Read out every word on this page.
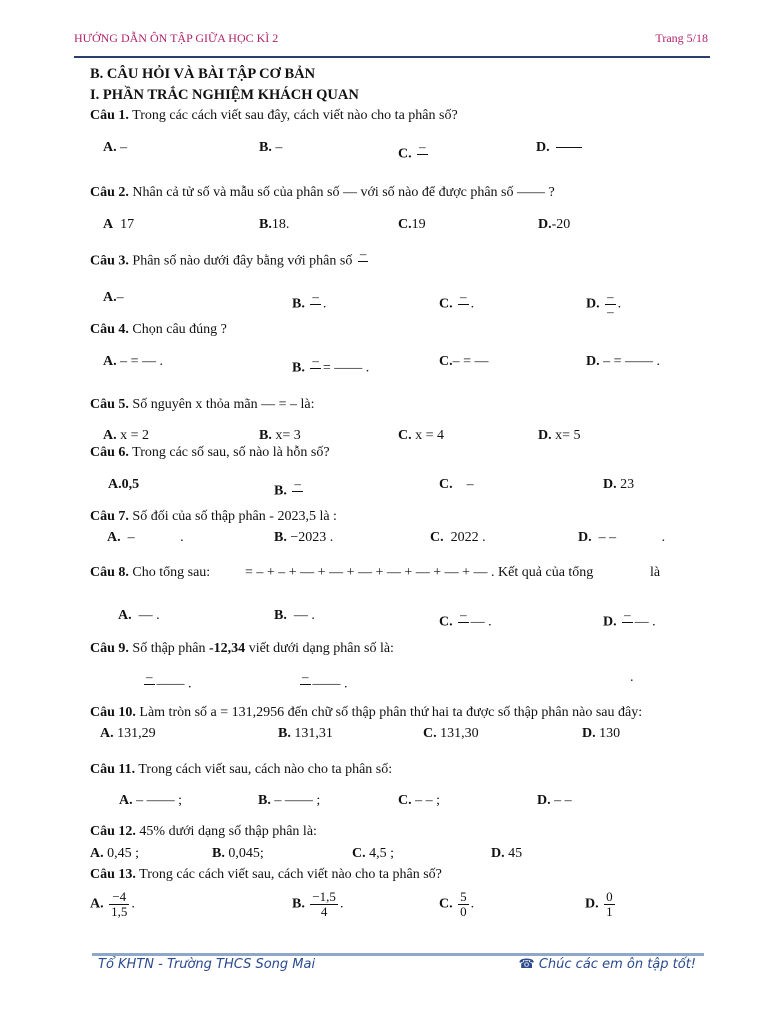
HƯỚNG DẪN ÔN TẬP GIỮA HỌC KÌ 2	Trang 5/18
B. CÂU HỎI VÀ BÀI TẬP CƠ BẢN
I. PHẦN TRẮC NGHIỆM KHÁCH QUAN
Câu 1. Trong các cách viết sau đây, cách viết nào cho ta phân số?
A. –	B. –	C. –	D.
Câu 2. Nhân cả tử số và mẫu số của phân số — với số nào để được phân số —— ?
A 17	B.18.	C.19	D.-20
Câu 3. Phân số nào dưới đây bằng với phân số –
A.–	B. – .	C. – .	D. $\frac{-}{-}$ .
Câu 4. Chọn câu đúng ?
A. – = — .	B. – = —— .	C.– = —	D. – = —— .
Câu 5. Số nguyên x thỏa mãn — = – là:
A. x = 2	B. x= 3	C. x = 4	D. x= 5
Câu 6. Trong các số sau, số nào là hỗn số?
A.0,5	B. –	C. –	D. 23
Câu 7. Số đối của số thập phân - 2023,5 là :
A. –             .	B. −2023 .	C. 2022 .	D. – –             .
Câu 8. Cho tổng sau: = – + – + — + — + — + — + — + — + — . Kết quả của tổng	là
A. — .	B. — .	C. – — .	D. – — .
Câu 9. Số thập phân -12,34 viết dưới dạng phân số là:
– —— .	– —— .	.
Câu 10. Làm tròn số a = 131,2956 đến chữ số thập phân thứ hai ta được số thập phân nào sau đây:
A. 131,29	B. 131,31	C. 131,30	D. 130
Câu 11. Trong cách viết sau, cách nào cho ta phân số:
A. – —— ;	B. – —— ;	C. – – ;	D. – –
Câu 12. 45% dưới dạng số thập phân là:
A. 0,45 ;	B. 0,045;	C. 4,5 ;	D. 45
Câu 13. Trong các cách viết sau, cách viết nào cho ta phân số?
A. $\frac{-4}{1,5}$ .	B. $\frac{-1,5}{4}$ .	C. $\frac{5}{0}$ .	D. $\frac{0}{1}$
Tổ KHTN - Trường THCS Song Mai	☎ Chúc các em ôn tập tốt!
